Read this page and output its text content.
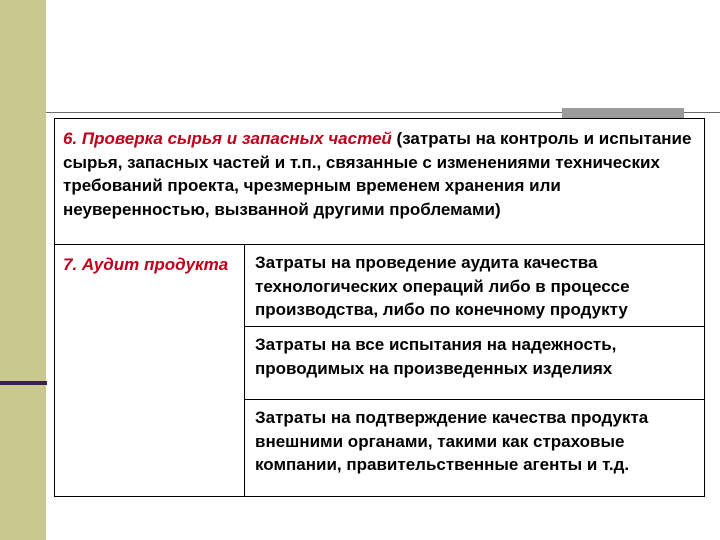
6. Проверка сырья и запасных частей (затраты на контроль и испытание сырья, запасных частей и т.п., связанные с изменениями технических требований проекта, чрезмерным временем хранения или неуверенностью, вызванной другими проблемами)
7. Аудит продукта	Затраты на проведение аудита качества технологических операций либо в процессе производства, либо по конечному продукту
Затраты на все испытания на надежность, проводимых на произведенных изделиях
Затраты на подтверждение качества продукта внешними органами, такими как страховые компании, правительственные агенты и т.д.
